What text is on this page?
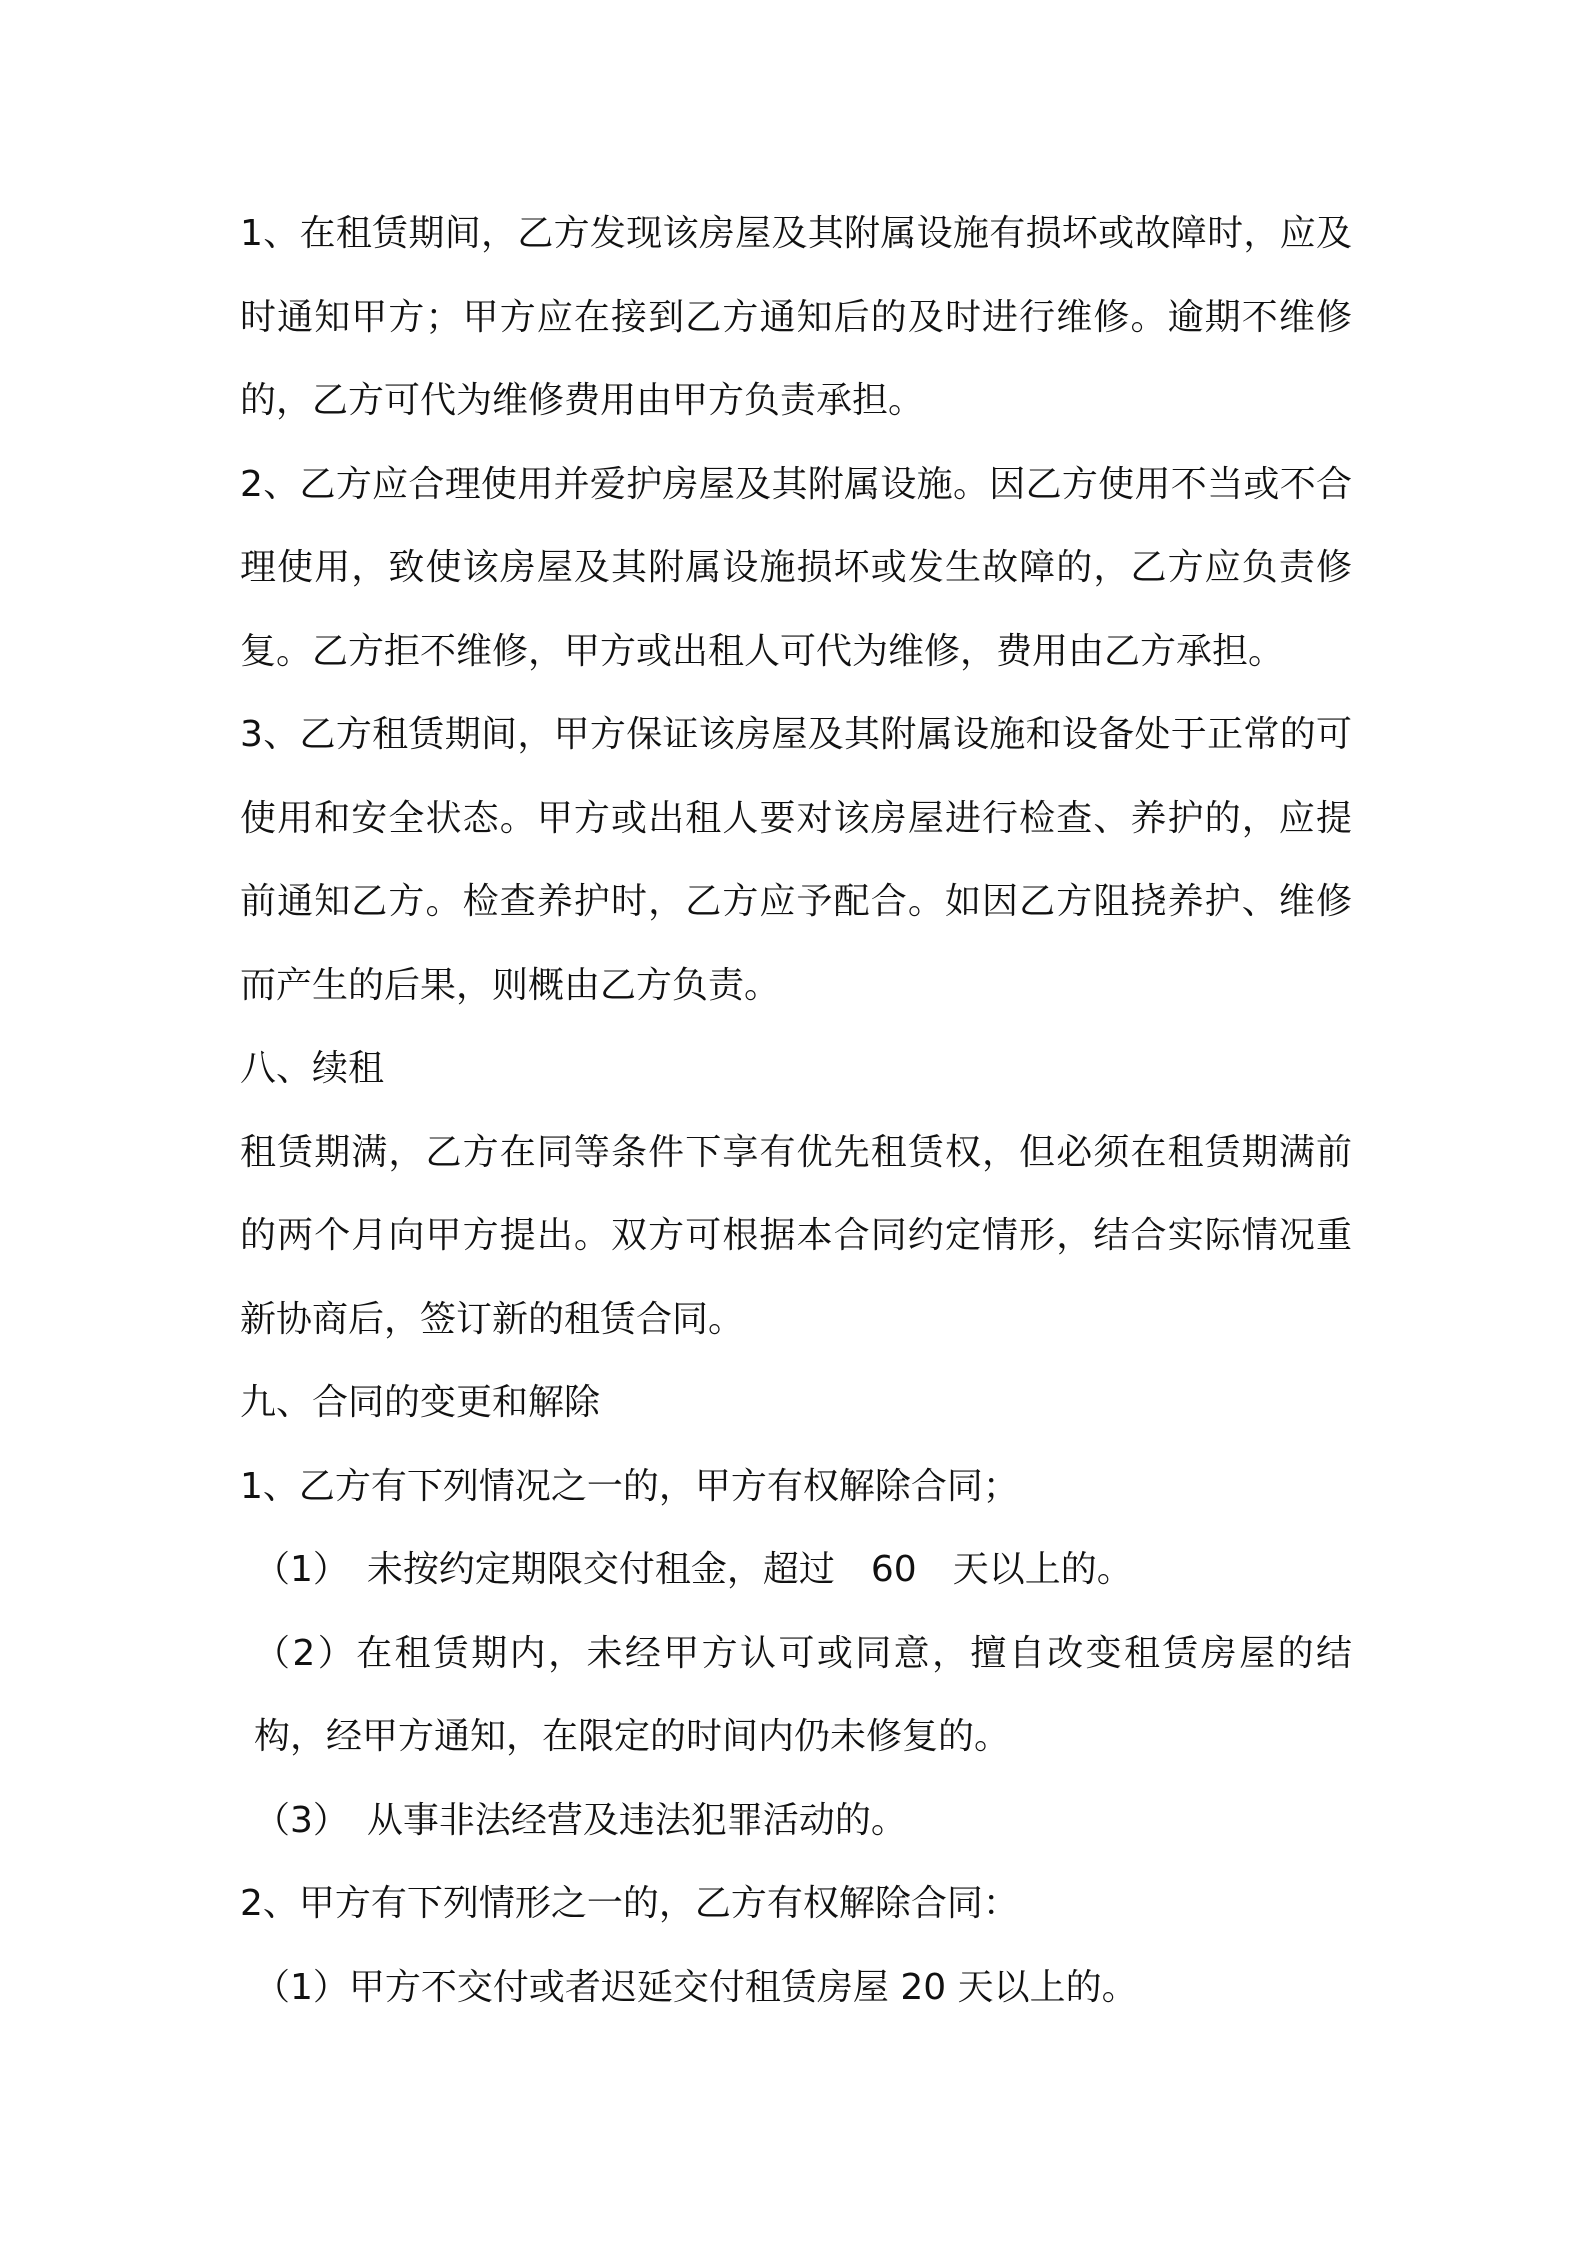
1、在租赁期间，乙方发现该房屋及其附属设施有损坏或故障时，应及时通知甲方；甲方应在接到乙方通知后的及时进行维修。逾期不维修的，乙方可代为维修费用由甲方负责承担。

2、乙方应合理使用并爱护房屋及其附属设施。因乙方使用不当或不合理使用，致使该房屋及其附属设施损坏或发生故障的，乙方应负责修复。乙方拒不维修，甲方或出租人可代为维修，费用由乙方承担。

3、乙方租赁期间，甲方保证该房屋及其附属设施和设备处于正常的可使用和安全状态。甲方或出租人要对该房屋进行检查、养护的，应提前通知乙方。检查养护时，乙方应予配合。如因乙方阻挠养护、维修而产生的后果，则概由乙方负责。

八、续租

租赁期满，乙方在同等条件下享有优先租赁权，但必须在租赁期满前的两个月向甲方提出。双方可根据本合同约定情形，结合实际情况重新协商后，签订新的租赁合同。

九、合同的变更和解除

1、乙方有下列情况之一的，甲方有权解除合同；

（1）　未按约定期限交付租金，超过　60　天以上的。

（2）在租赁期内，未经甲方认可或同意，擅自改变租赁房屋的结构，经甲方通知，在限定的时间内仍未修复的。

（3）　从事非法经营及违法犯罪活动的。

2、甲方有下列情形之一的，乙方有权解除合同：

（1）甲方不交付或者迟延交付租赁房屋 20 天以上的。
